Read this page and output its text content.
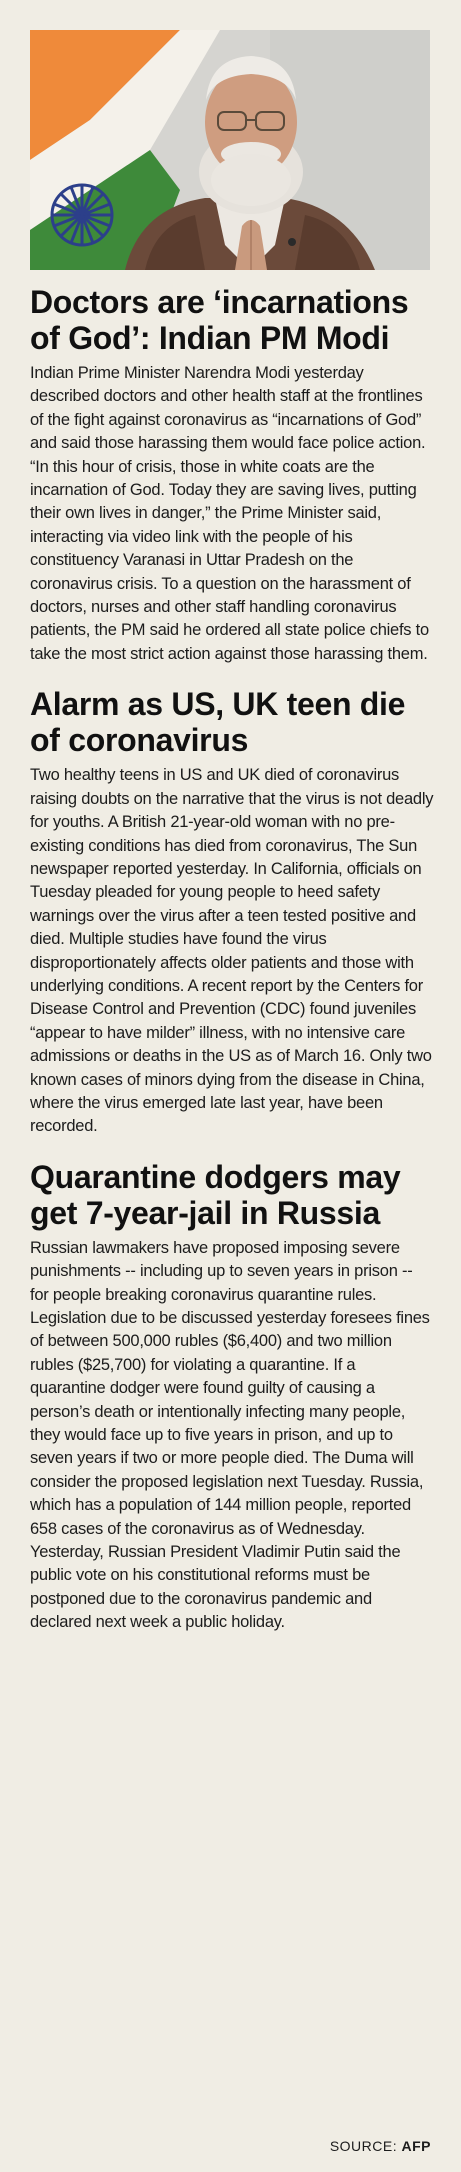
Doctors are ‘incarnations of God’: Indian PM Modi

Indian Prime Minister Narendra Modi yesterday described doctors and other health staff at the frontlines of the fight against coronavirus as “incarnations of God” and said those harassing them would face police action. “In this hour of crisis, those in white coats are the incarnation of God. Today they are saving lives, putting their own lives in danger,” the Prime Minister said, interacting via video link with the people of his constituency Varanasi in Uttar Pradesh on the coronavirus crisis. To a question on the harassment of doctors, nurses and other staff handling coronavirus patients, the PM said he ordered all state police chiefs to take the most strict action against those harassing them.

Alarm as US, UK teen die of coronavirus

Two healthy teens in US and UK died of coronavirus raising doubts on the narrative that the virus is not deadly for youths. A British 21-year-old woman with no pre-existing conditions has died from coronavirus, The Sun newspaper reported yesterday. In California, officials on Tuesday pleaded for young people to heed safety warnings over the virus after a teen tested positive and died. Multiple studies have found the virus disproportionately affects older patients and those with underlying conditions. A recent report by the Centers for Disease Control and Prevention (CDC) found juveniles “appear to have milder” illness, with no intensive care admissions or deaths in the US as of March 16. Only two known cases of minors dying from the disease in China, where the virus emerged late last year, have been recorded.

Quarantine dodgers may get 7-year-jail in Russia

Russian lawmakers have proposed imposing severe punishments -- including up to seven years in prison -- for people breaking coronavirus quarantine rules. Legislation due to be discussed yesterday foresees fines of between 500,000 rubles ($6,400) and two million rubles ($25,700) for violating a quarantine. If a quarantine dodger were found guilty of causing a person’s death or intentionally infecting many people, they would face up to five years in prison, and up to seven years if two or more people died. The Duma will consider the proposed legislation next Tuesday. Russia, which has a population of 144 million people, reported 658 cases of the coronavirus as of Wednesday. Yesterday, Russian President Vladimir Putin said the public vote on his constitutional reforms must be postponed due to the coronavirus pandemic and declared next week a public holiday.

SOURCE: AFP
